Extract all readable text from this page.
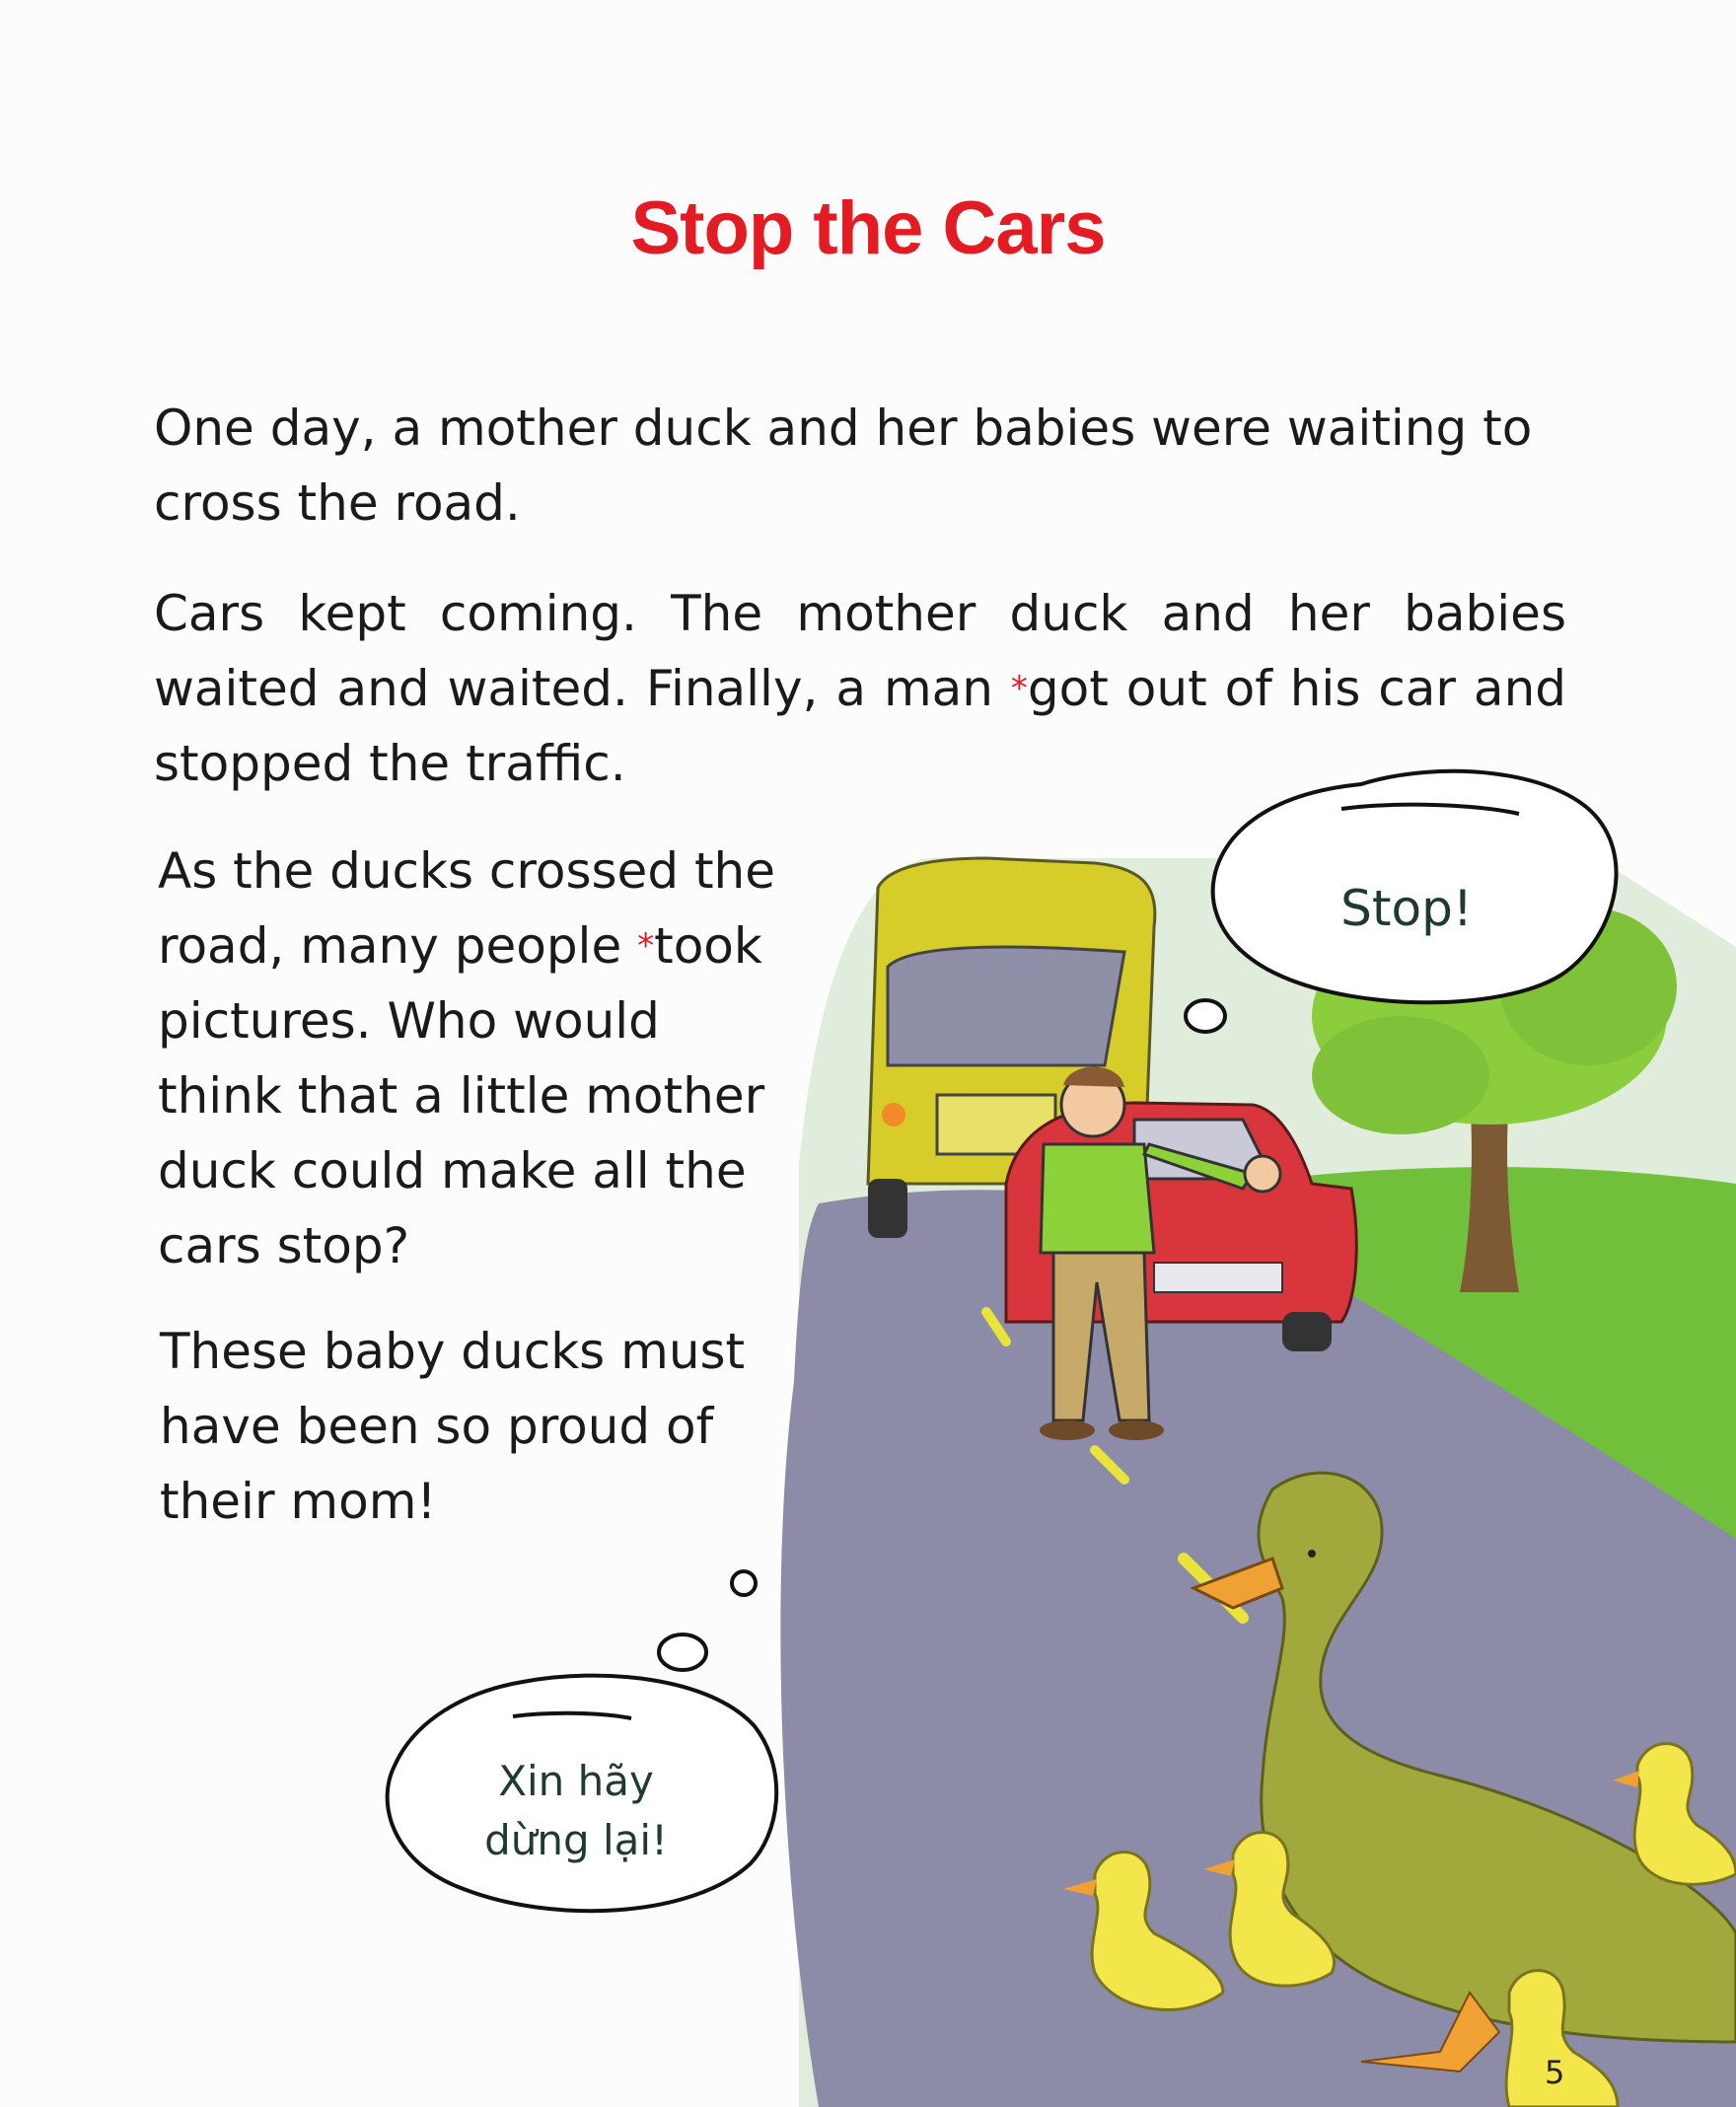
Stop the Cars

One day, a mother duck and her babies were waiting to cross the road.

Cars kept coming. The mother duck and her babies waited and waited. Finally, a man *got out of his car and stopped the traffic.

As the ducks crossed the road, many people *took pictures. Who would think that a little mother duck could make all the cars stop?

These baby ducks must have been so proud of their mom!

Stop!
Xin hãy
dừng lại!
5
